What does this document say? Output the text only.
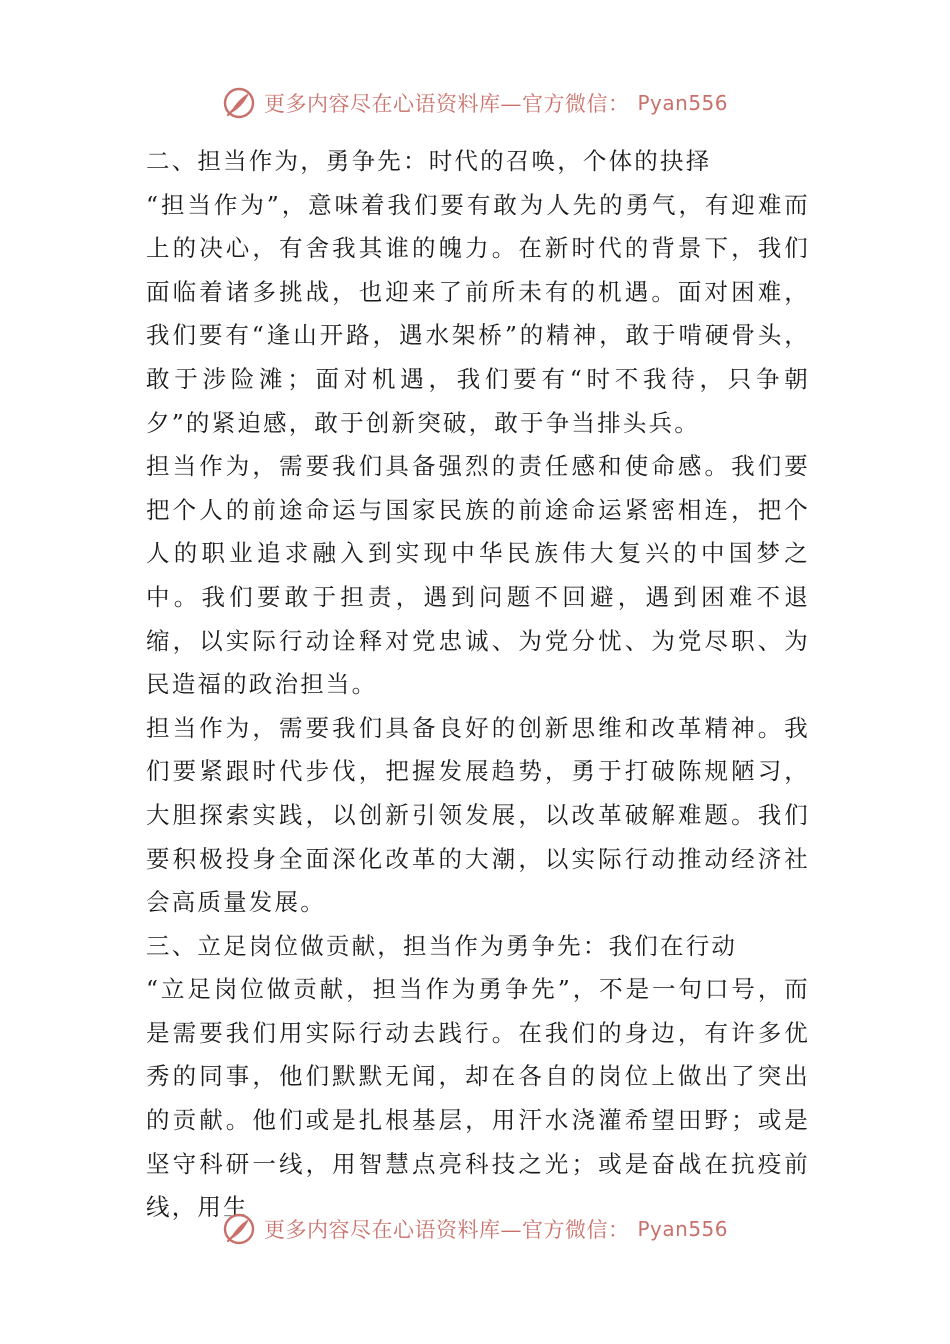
更多内容尽在心语资料库—官方微信： Pyan556

二、担当作为，勇争先：时代的召唤，个体的抉择

“担当作为”，意味着我们要有敢为人先的勇气，有迎难而上的决心，有舍我其谁的魄力。在新时代的背景下，我们面临着诸多挑战，也迎来了前所未有的机遇。面对困难，我们要有“逢山开路，遇水架桥”的精神，敢于啃硬骨头，敢于涉险滩；面对机遇，我们要有“时不我待，只争朝夕”的紧迫感，敢于创新突破，敢于争当排头兵。

担当作为，需要我们具备强烈的责任感和使命感。我们要把个人的前途命运与国家民族的前途命运紧密相连，把个人的职业追求融入到实现中华民族伟大复兴的中国梦之中。我们要敢于担责，遇到问题不回避，遇到困难不退缩，以实际行动诠释对党忠诚、为党分忧、为党尽职、为民造福的政治担当。

担当作为，需要我们具备良好的创新思维和改革精神。我们要紧跟时代步伐，把握发展趋势，勇于打破陈规陋习，大胆探索实践，以创新引领发展，以改革破解难题。我们要积极投身全面深化改革的大潮，以实际行动推动经济社会高质量发展。

三、立足岗位做贡献，担当作为勇争先：我们在行动

“立足岗位做贡献，担当作为勇争先”，不是一句口号，而是需要我们用实际行动去践行。在我们的身边，有许多优秀的同事，他们默默无闻，却在各自的岗位上做出了突出的贡献。他们或是扎根基层，用汗水浇灌希望田野；或是坚守科研一线，用智慧点亮科技之光；或是奋战在抗疫前线，用生

更多内容尽在心语资料库—官方微信： Pyan556
